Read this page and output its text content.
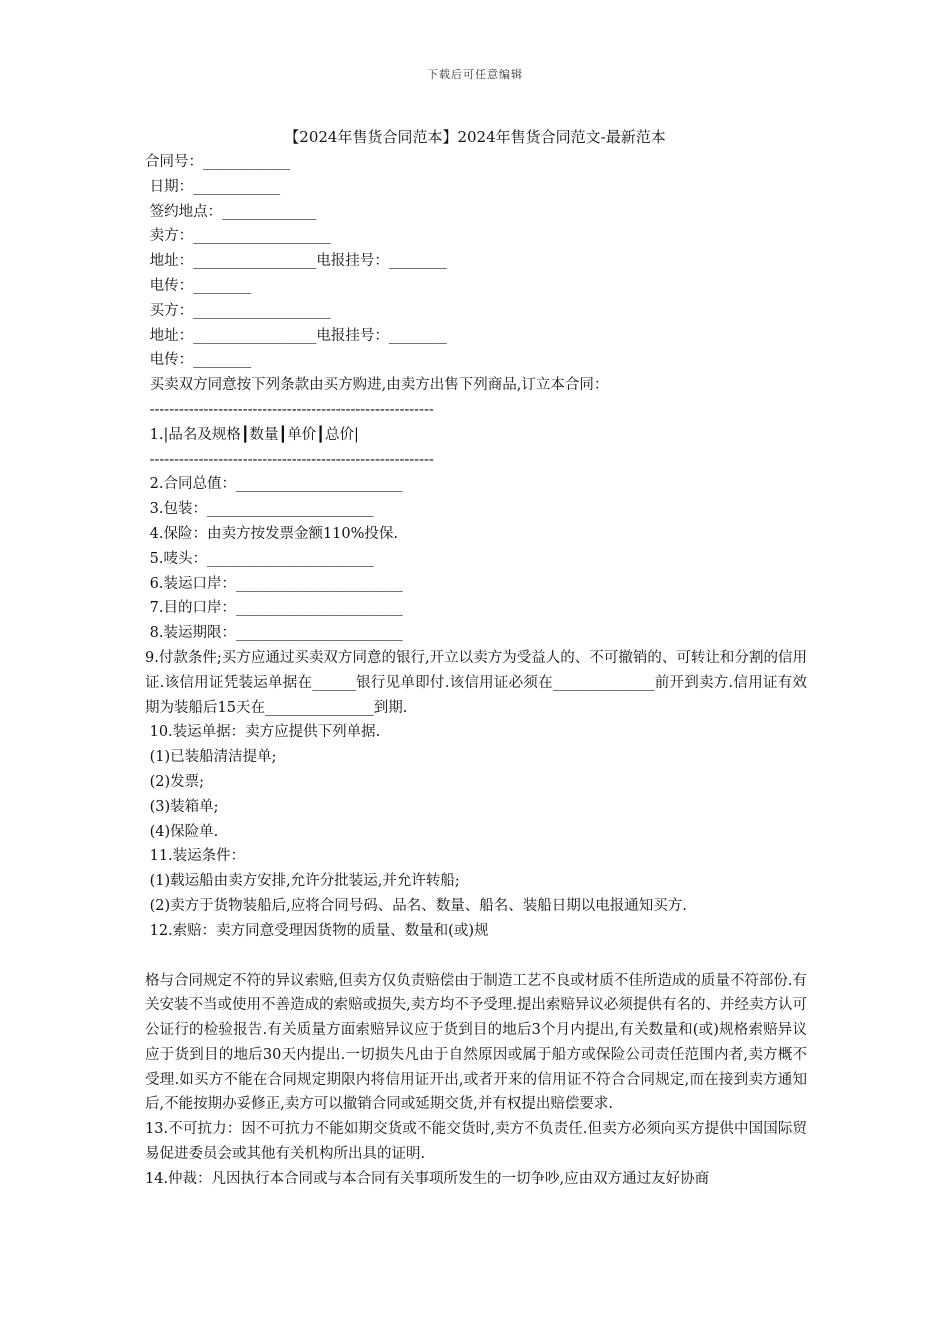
下载后可任意编辑
【2024年售货合同范本】2024年售货合同范文-最新范本
合同号：____________
日期：____________
签约地点：_____________
卖方：___________________
地址：_________________电报挂号：________
电传：________
买方：___________________
地址：_________________电报挂号：________
电传：________
买卖双方同意按下列条款由买方购进,由卖方出售下列商品,订立本合同：
----------------------------------------------------------
1.|品名及规格┃数量┃单价┃总价|
----------------------------------------------------------
2.合同总值：_______________________
3.包装：_______________________
4.保险：由卖方按发票金额110%投保.
5.唛头：_______________________
6.装运口岸：_______________________
7.目的口岸：_______________________
8.装运期限：_______________________
9.付款条件;买方应通过买卖双方同意的银行,开立以卖方为受益人的、不可撤销的、可转让和分割的信用证.该信用证凭装运单据在______银行见单即付.该信用证必须在______________前开到卖方.信用证有效期为装船后15天在_______________到期.
10.装运单据：卖方应提供下列单据.
(1)已装船清洁提单;
(2)发票;
(3)装箱单;
(4)保险单.
11.装运条件：
(1)载运船由卖方安排,允许分批装运,并允许转船;
(2)卖方于货物装船后,应将合同号码、品名、数量、船名、装船日期以电报通知买方.
12.索赔：卖方同意受理因货物的质量、数量和(或)规
格与合同规定不符的异议索赔,但卖方仅负责赔偿由于制造工艺不良或材质不佳所造成的质量不符部份.有关安装不当或使用不善造成的索赔或损失,卖方均不予受理.提出索赔异议必须提供有名的、并经卖方认可公证行的检验报告.有关质量方面索赔异议应于货到目的地后3个月内提出,有关数量和(或)规格索赔异议应于货到目的地后30天内提出.一切损失凡由于自然原因或属于船方或保险公司责任范围内者,卖方概不受理.如买方不能在合同规定期限内将信用证开出,或者开来的信用证不符合合同规定,而在接到卖方通知后,不能按期办妥修正,卖方可以撤销合同或延期交货,并有权提出赔偿要求.
13.不可抗力：因不可抗力不能如期交货或不能交货时,卖方不负责任.但卖方必须向买方提供中国国际贸易促进委员会或其他有关机构所出具的证明.
14.仲裁：凡因执行本合同或与本合同有关事项所发生的一切争吵,应由双方通过友好协商
